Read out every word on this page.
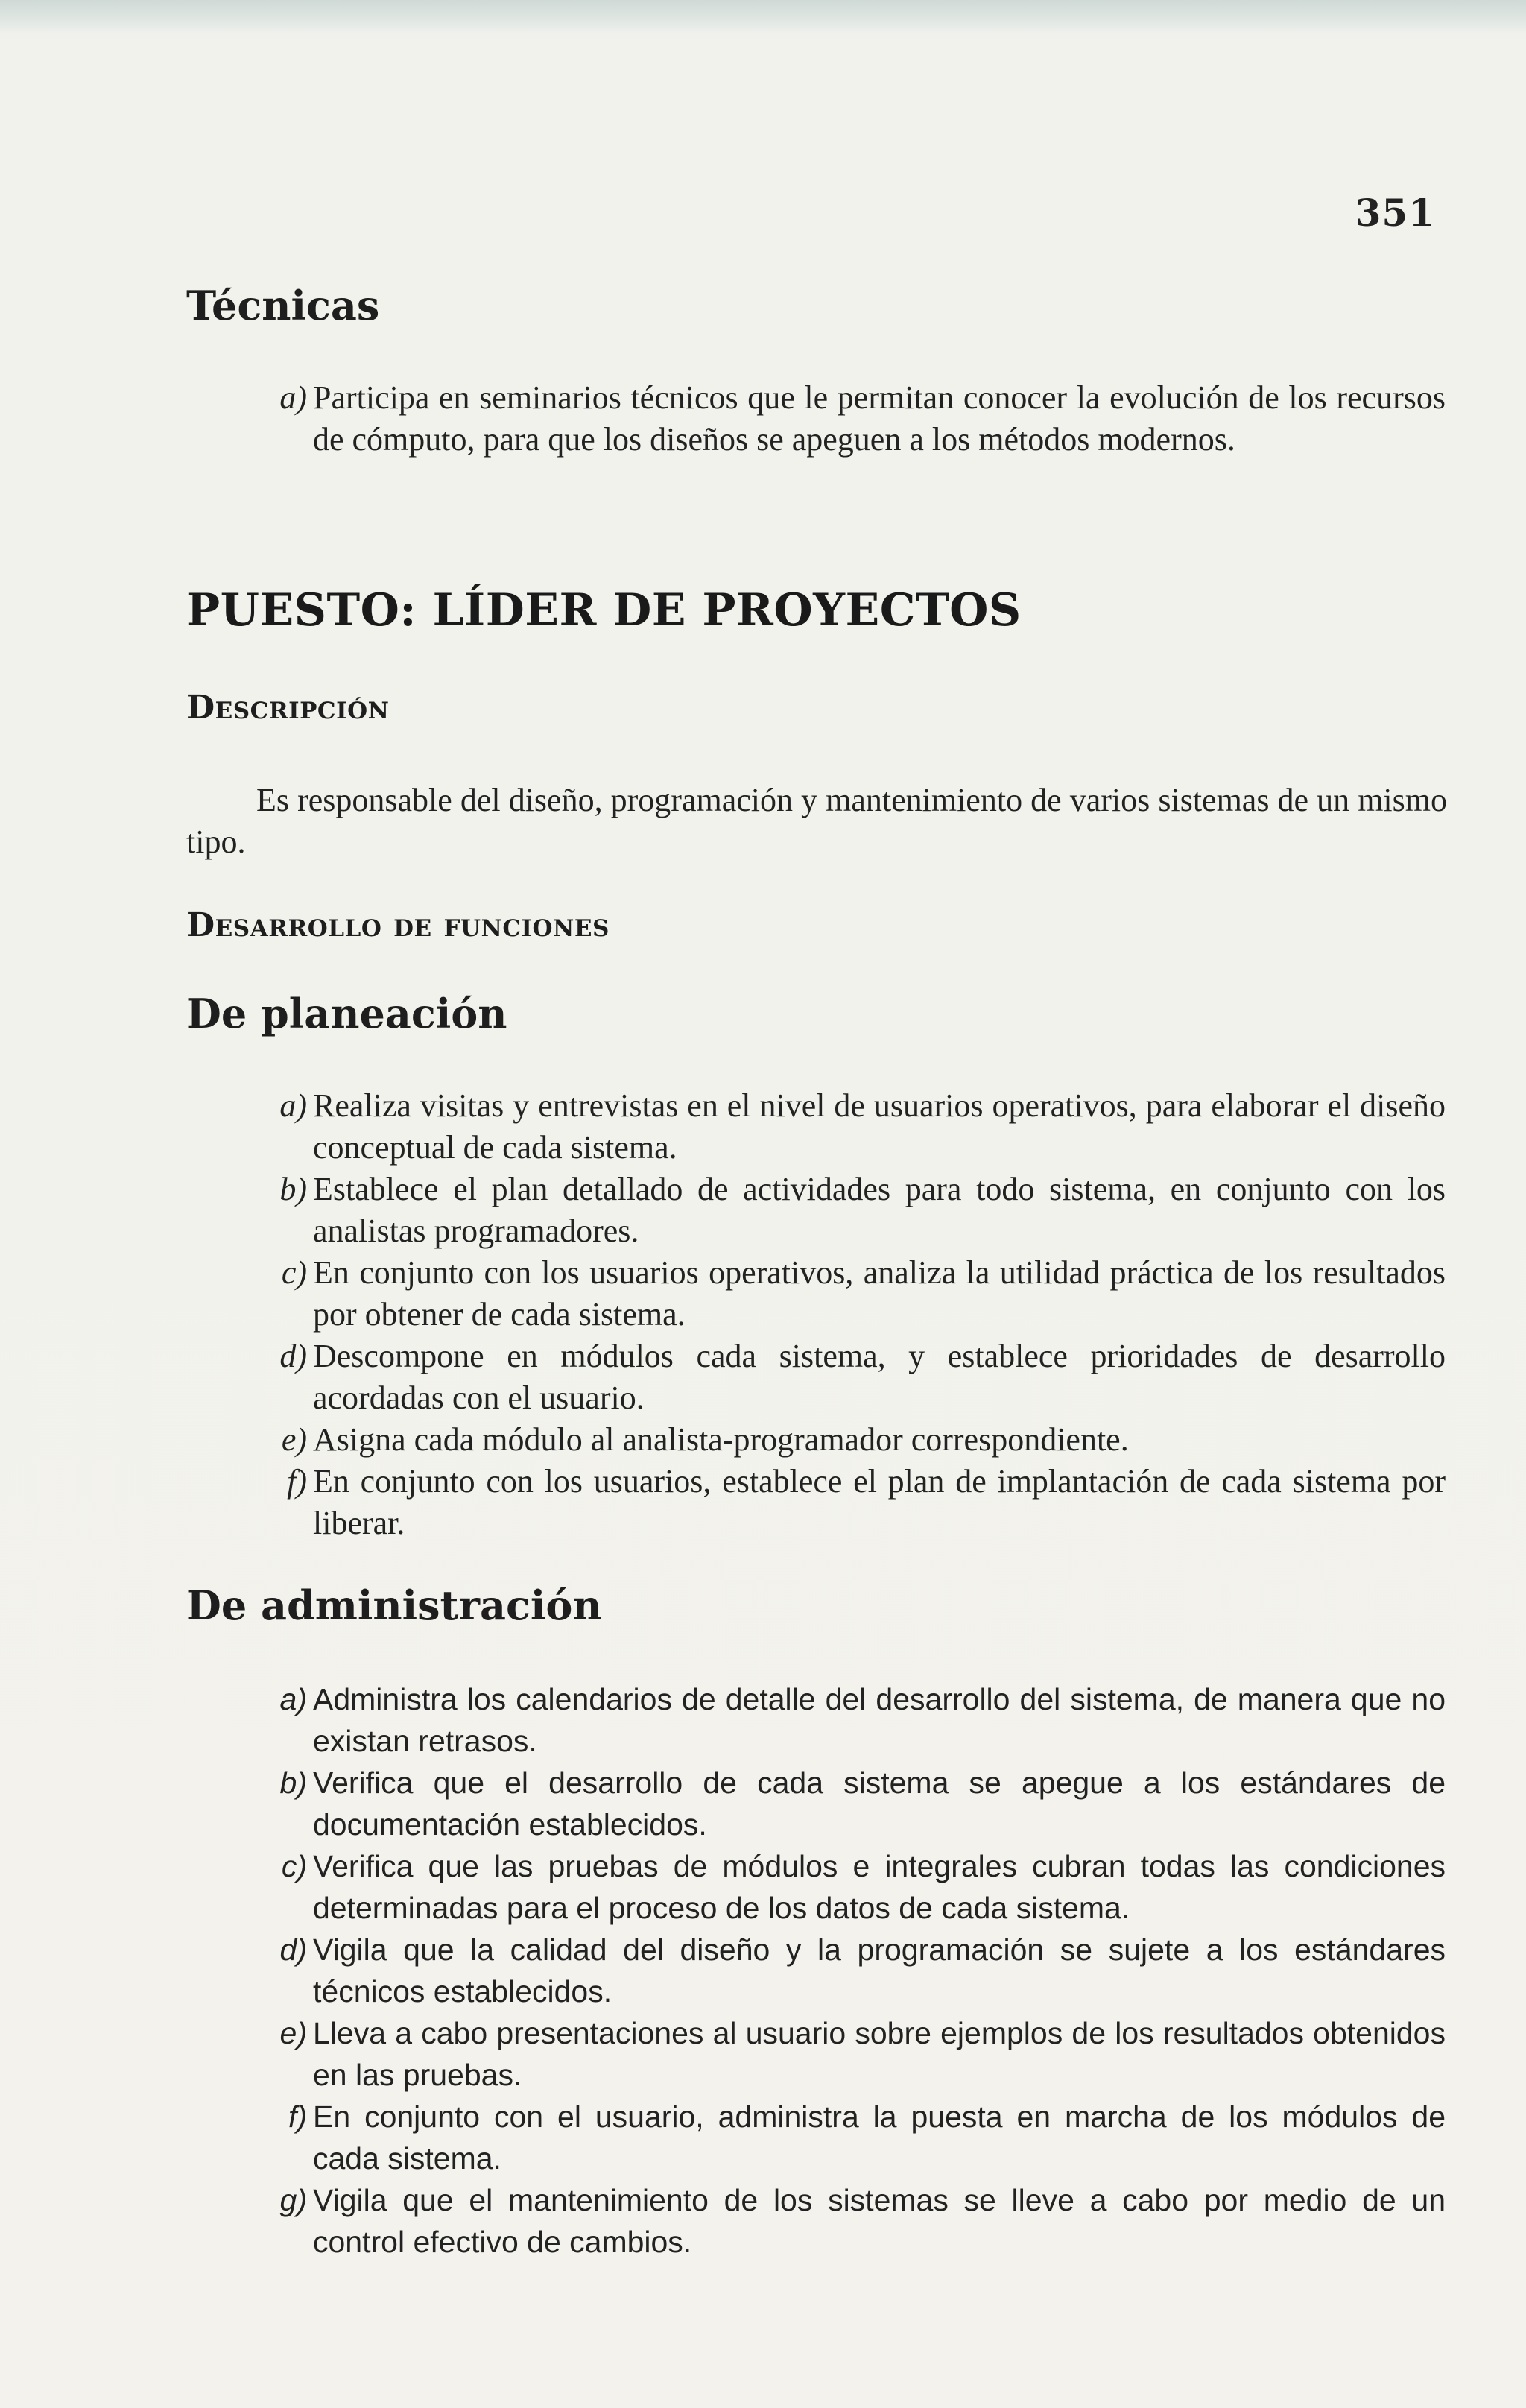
351
Técnicas
a) Participa en seminarios técnicos que le permitan conocer la evolución de los recursos de cómputo, para que los diseños se apeguen a los métodos modernos.
PUESTO: LÍDER DE PROYECTOS
Descripción

Es responsable del diseño, programación y mantenimiento de varios sistemas de un mismo tipo.

Desarrollo de funciones
De planeación
a) Realiza visitas y entrevistas en el nivel de usuarios operativos, para elaborar el diseño conceptual de cada sistema.
b) Establece el plan detallado de actividades para todo sistema, en conjunto con los analistas programadores.
c) En conjunto con los usuarios operativos, analiza la utilidad práctica de los resultados por obtener de cada sistema.
d) Descompone en módulos cada sistema, y establece prioridades de desarrollo acordadas con el usuario.
e) Asigna cada módulo al analista-programador correspondiente.
f) En conjunto con los usuarios, establece el plan de implantación de cada sistema por liberar.
De administración
a) Administra los calendarios de detalle del desarrollo del sistema, de manera que no existan retrasos.
b) Verifica que el desarrollo de cada sistema se apegue a los estándares de documentación establecidos.
c) Verifica que las pruebas de módulos e integrales cubran todas las condiciones determinadas para el proceso de los datos de cada sistema.
d) Vigila que la calidad del diseño y la programación se sujete a los estándares técnicos establecidos.
e) Lleva a cabo presentaciones al usuario sobre ejemplos de los resultados obtenidos en las pruebas.
f) En conjunto con el usuario, administra la puesta en marcha de los módulos de cada sistema.
g) Vigila que el mantenimiento de los sistemas se lleve a cabo por medio de un control efectivo de cambios.
